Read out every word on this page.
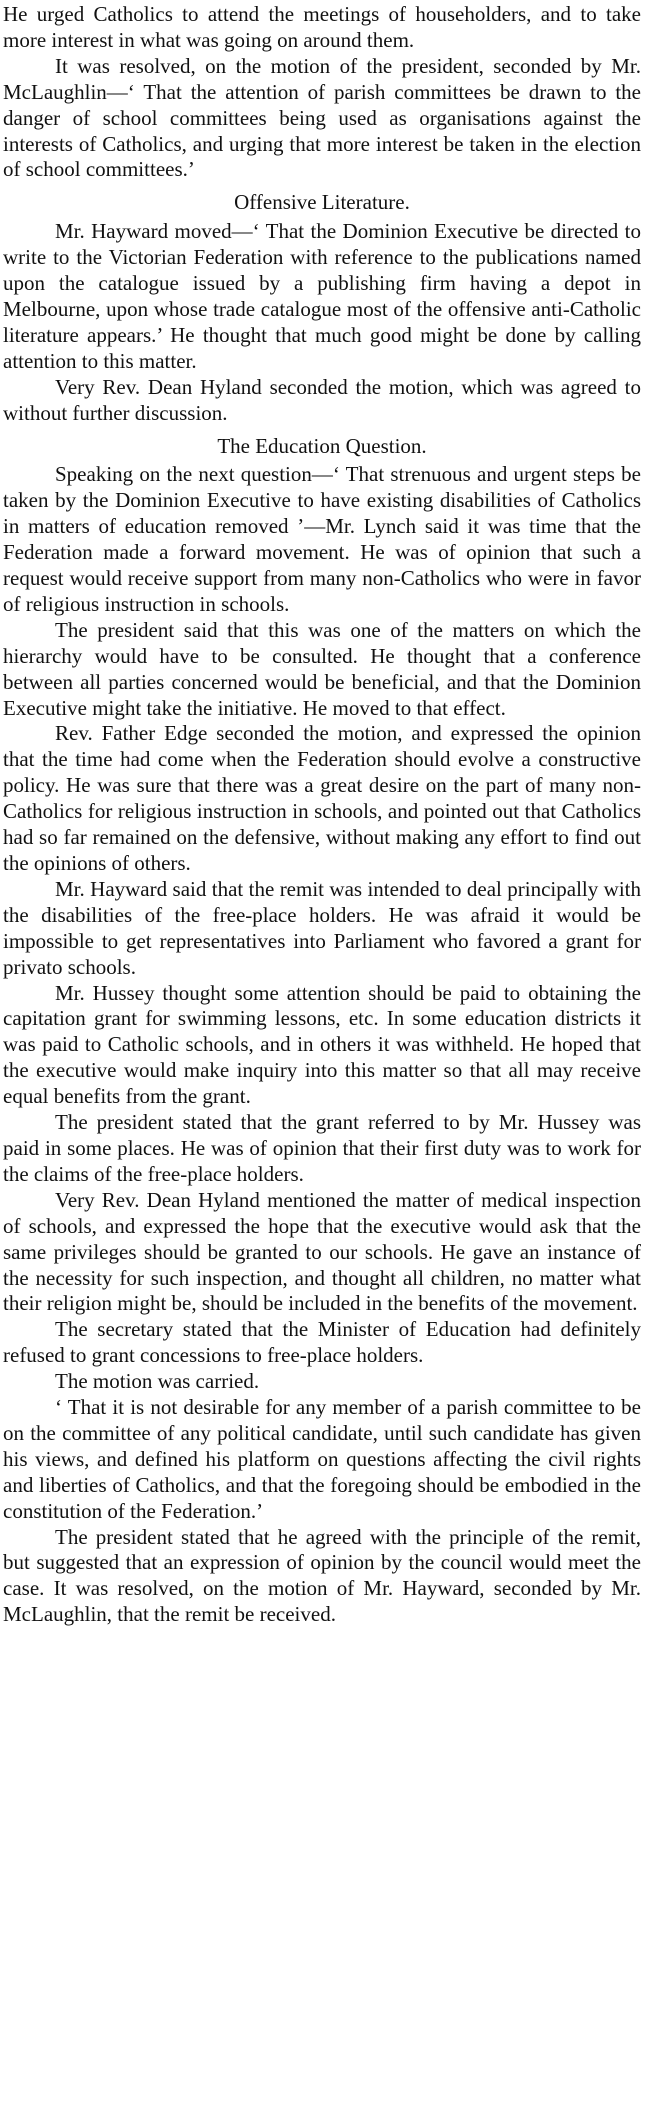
He urged Catholics to attend the meetings of householders, and to take more interest in what was going on around them.

It was resolved, on the motion of the president, seconded by Mr. McLaughlin—‘ That the attention of parish committees be drawn to the danger of school committees being used as organisations against the interests of Catholics, and urging that more interest be taken in the election of school committees.’

Offensive Literature.

Mr. Hayward moved—‘ That the Dominion Executive be directed to write to the Victorian Federation with reference to the publications named upon the catalogue issued by a publishing firm having a depot in Melbourne, upon whose trade catalogue most of the offensive anti-Catholic literature appears.’ He thought that much good might be done by calling attention to this matter.

Very Rev. Dean Hyland seconded the motion, which was agreed to without further discussion.

The Education Question.

Speaking on the next question—‘ That strenuous and urgent steps be taken by the Dominion Executive to have existing disabilities of Catholics in matters of education removed ’—Mr. Lynch said it was time that the Federation made a forward movement. He was of opinion that such a request would receive support from many non-Catholics who were in favor of religious instruction in schools.

The president said that this was one of the matters on which the hierarchy would have to be consulted. He thought that a conference between all parties concerned would be beneficial, and that the Dominion Executive might take the initiative. He moved to that effect.

Rev. Father Edge seconded the motion, and expressed the opinion that the time had come when the Federation should evolve a constructive policy. He was sure that there was a great desire on the part of many non-Catholics for religious instruction in schools, and pointed out that Catholics had so far remained on the defensive, without making any effort to find out the opinions of others.

Mr. Hayward said that the remit was intended to deal principally with the disabilities of the free-place holders. He was afraid it would be impossible to get representatives into Parliament who favored a grant for privato schools.

Mr. Hussey thought some attention should be paid to obtaining the capitation grant for swimming lessons, etc. In some education districts it was paid to Catholic schools, and in others it was withheld. He hoped that the executive would make inquiry into this matter so that all may receive equal benefits from the grant.

The president stated that the grant referred to by Mr. Hussey was paid in some places. He was of opinion that their first duty was to work for the claims of the free-place holders.

Very Rev. Dean Hyland mentioned the matter of medical inspection of schools, and expressed the hope that the executive would ask that the same privileges should be granted to our schools. He gave an instance of the necessity for such inspection, and thought all children, no matter what their religion might be, should be included in the benefits of the movement.

The secretary stated that the Minister of Education had definitely refused to grant concessions to free-place holders.

The motion was carried.

‘ That it is not desirable for any member of a parish committee to be on the committee of any political candidate, until such candidate has given his views, and defined his platform on questions affecting the civil rights and liberties of Catholics, and that the foregoing should be embodied in the constitution of the Federation.’

The president stated that he agreed with the principle of the remit, but suggested that an expression of opinion by the council would meet the case. It was resolved, on the motion of Mr. Hayward, seconded by Mr. McLaughlin, that the remit be received.
